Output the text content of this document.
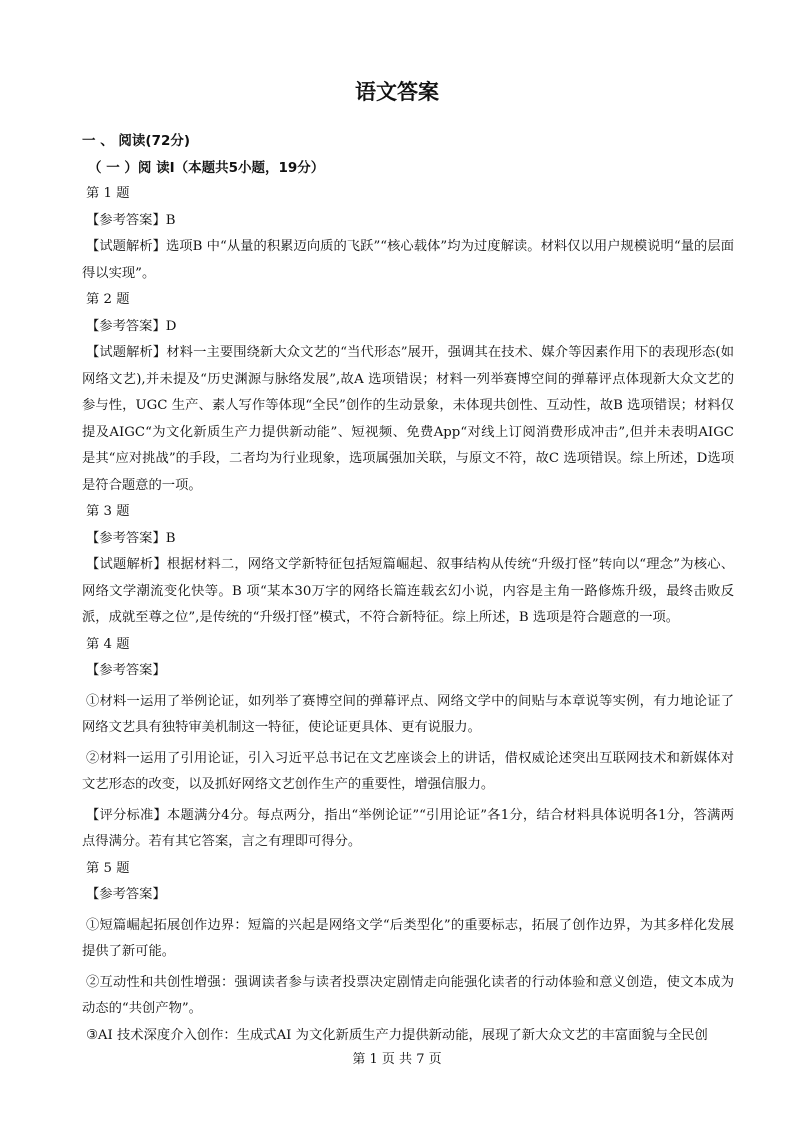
语文答案
一 、 阅读(72分)
（ 一 ）阅 读I（本题共5小题，19分）
第 1 题
【参考答案】B
【试题解析】选项B 中“从量的积累迈向质的飞跃”“核心载体”均为过度解读。材料仅以用户规模说明“量的层面得以实现”。
第 2 题
【参考答案】D
【试题解析】材料一主要围绕新大众文艺的“当代形态”展开，强调其在技术、媒介等因素作用下的表现形态(如网络文艺),并未提及“历史渊源与脉络发展”,故A 选项错误；材料一列举赛博空间的弹幕评点体现新大众文艺的参与性，UGC 生产、素人写作等体现“全民”创作的生动景象，未体现共创性、互动性，故B 选项错误；材料仅提及AIGC“为文化新质生产力提供新动能”、短视频、免费App“对线上订阅消费形成冲击”,但并未表明AIGC 是其“应对挑战”的手段，二者均为行业现象，选项属强加关联，与原文不符，故C 选项错误。综上所述，D选项是符合题意的一项。
第 3 题
【参考答案】B
【试题解析】根据材料二，网络文学新特征包括短篇崛起、叙事结构从传统“升级打怪”转向以“理念”为核心、网络文学潮流变化快等。B 项“某本30万字的网络长篇连载玄幻小说，内容是主角一路修炼升级，最终击败反派，成就至尊之位”,是传统的“升级打怪”模式，不符合新特征。综上所述，B 选项是符合题意的一项。
第 4 题
【参考答案】
①材料一运用了举例论证，如列举了赛博空间的弹幕评点、网络文学中的间贴与本章说等实例，有力地论证了网络文艺具有独特审美机制这一特征，使论证更具体、更有说服力。
②材料一运用了引用论证，引入习近平总书记在文艺座谈会上的讲话，借权威论述突出互联网技术和新媒体对文艺形态的改变，以及抓好网络文艺创作生产的重要性，增强信服力。
【评分标准】本题满分4分。每点两分，指出“举例论证”“引用论证”各1分，结合材料具体说明各1分，答满两点得满分。若有其它答案，言之有理即可得分。
第 5 题
【参考答案】
①短篇崛起拓展创作边界：短篇的兴起是网络文学“后类型化”的重要标志，拓展了创作边界，为其多样化发展提供了新可能。
②互动性和共创性增强：强调读者参与读者投票决定剧情走向能强化读者的行动体验和意义创造，使文本成为动态的“共创产物”。
③AI 技术深度介入创作：生成式AI 为文化新质生产力提供新动能，展现了新大众文艺的丰富面貌与全民创
第 1 页 共 7 页
